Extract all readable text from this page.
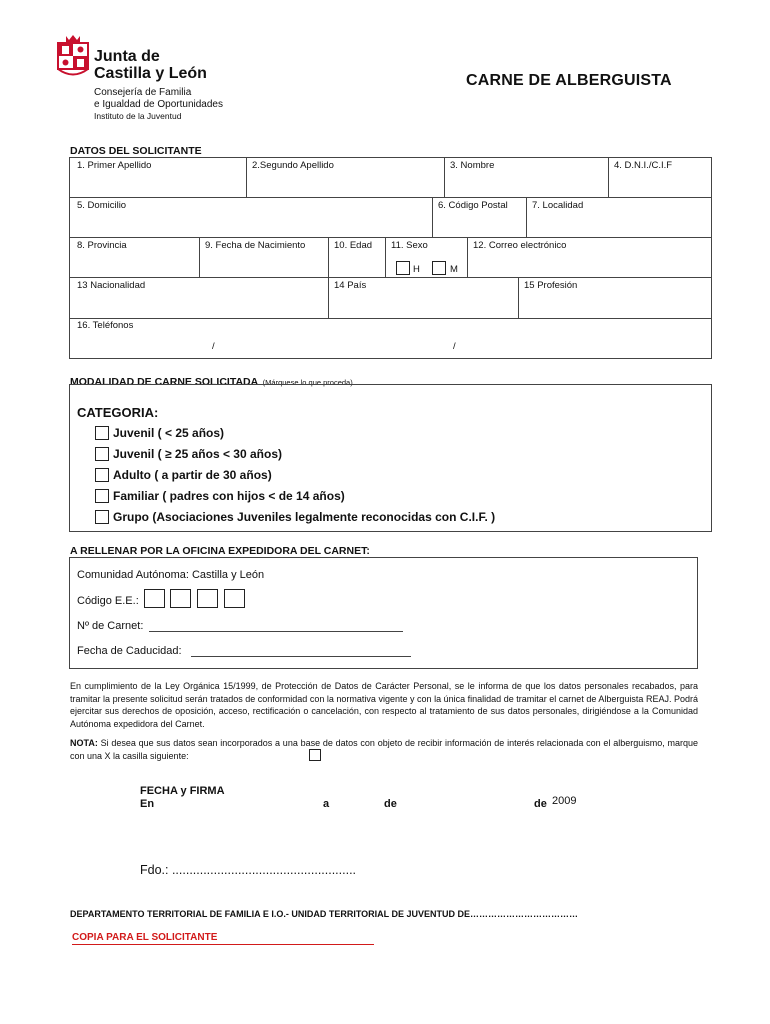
Junta de
Castilla y León
Consejería de Familia
e Igualdad de Oportunidades
Instituto de la Juventud
CARNE DE ALBERGUISTA
DATOS DEL SOLICITANTE
1. Primer Apellido	2.Segundo Apellido	3. Nombre	4. D.N.I./C.I.F
5. Domicilio	6. Código Postal	7. Localidad
8. Provincia	9. Fecha de Nacimiento	10. Edad 11. Sexo	12. Correo electrónico
H	M
13 Nacionalidad	14 País	15 Profesión
16. Teléfonos
/	/
MODALIDAD DE CARNE SOLICITADA (Márquese lo que proceda)
CATEGORIA:
Juvenil ( < 25 años)
Juvenil ( ≥ 25 años < 30 años)
Adulto ( a partir de 30 años)
Familiar ( padres con hijos < de 14 años)
Grupo (Asociaciones Juveniles legalmente reconocidas con C.I.F. )
A RELLENAR POR LA OFICINA EXPEDIDORA DEL CARNET:
Comunidad Autónoma: Castilla y León
Código E.E.:
Nº de Carnet:
Fecha de Caducidad:
En cumplimiento de la Ley Orgánica 15/1999, de Protección de Datos de Carácter Personal, se le informa de que los datos personales recabados, para tramitar la presente solicitud serán tratados de conformidad con la normativa vigente y con la única finalidad de tramitar el carnet de Alberguista REAJ. Podrá ejercitar sus derechos de oposición, acceso, rectificación o cancelación, con respecto al tratamiento de sus datos personales, dirigiéndose a la Comunidad Autónoma expedidora del Carnet.
NOTA: Si desea que sus datos sean incorporados a una base de datos con objeto de recibir información de interés relacionada con el alberguismo, marque con una X la casilla siguiente:
FECHA y FIRMA
En	a	de	de 2009
Fdo.: .....................................................
DEPARTAMENTO TERRITORIAL DE FAMILIA E I.O.- UNIDAD TERRITORIAL DE JUVENTUD DE………………………………
COPIA PARA EL SOLICITANTE
